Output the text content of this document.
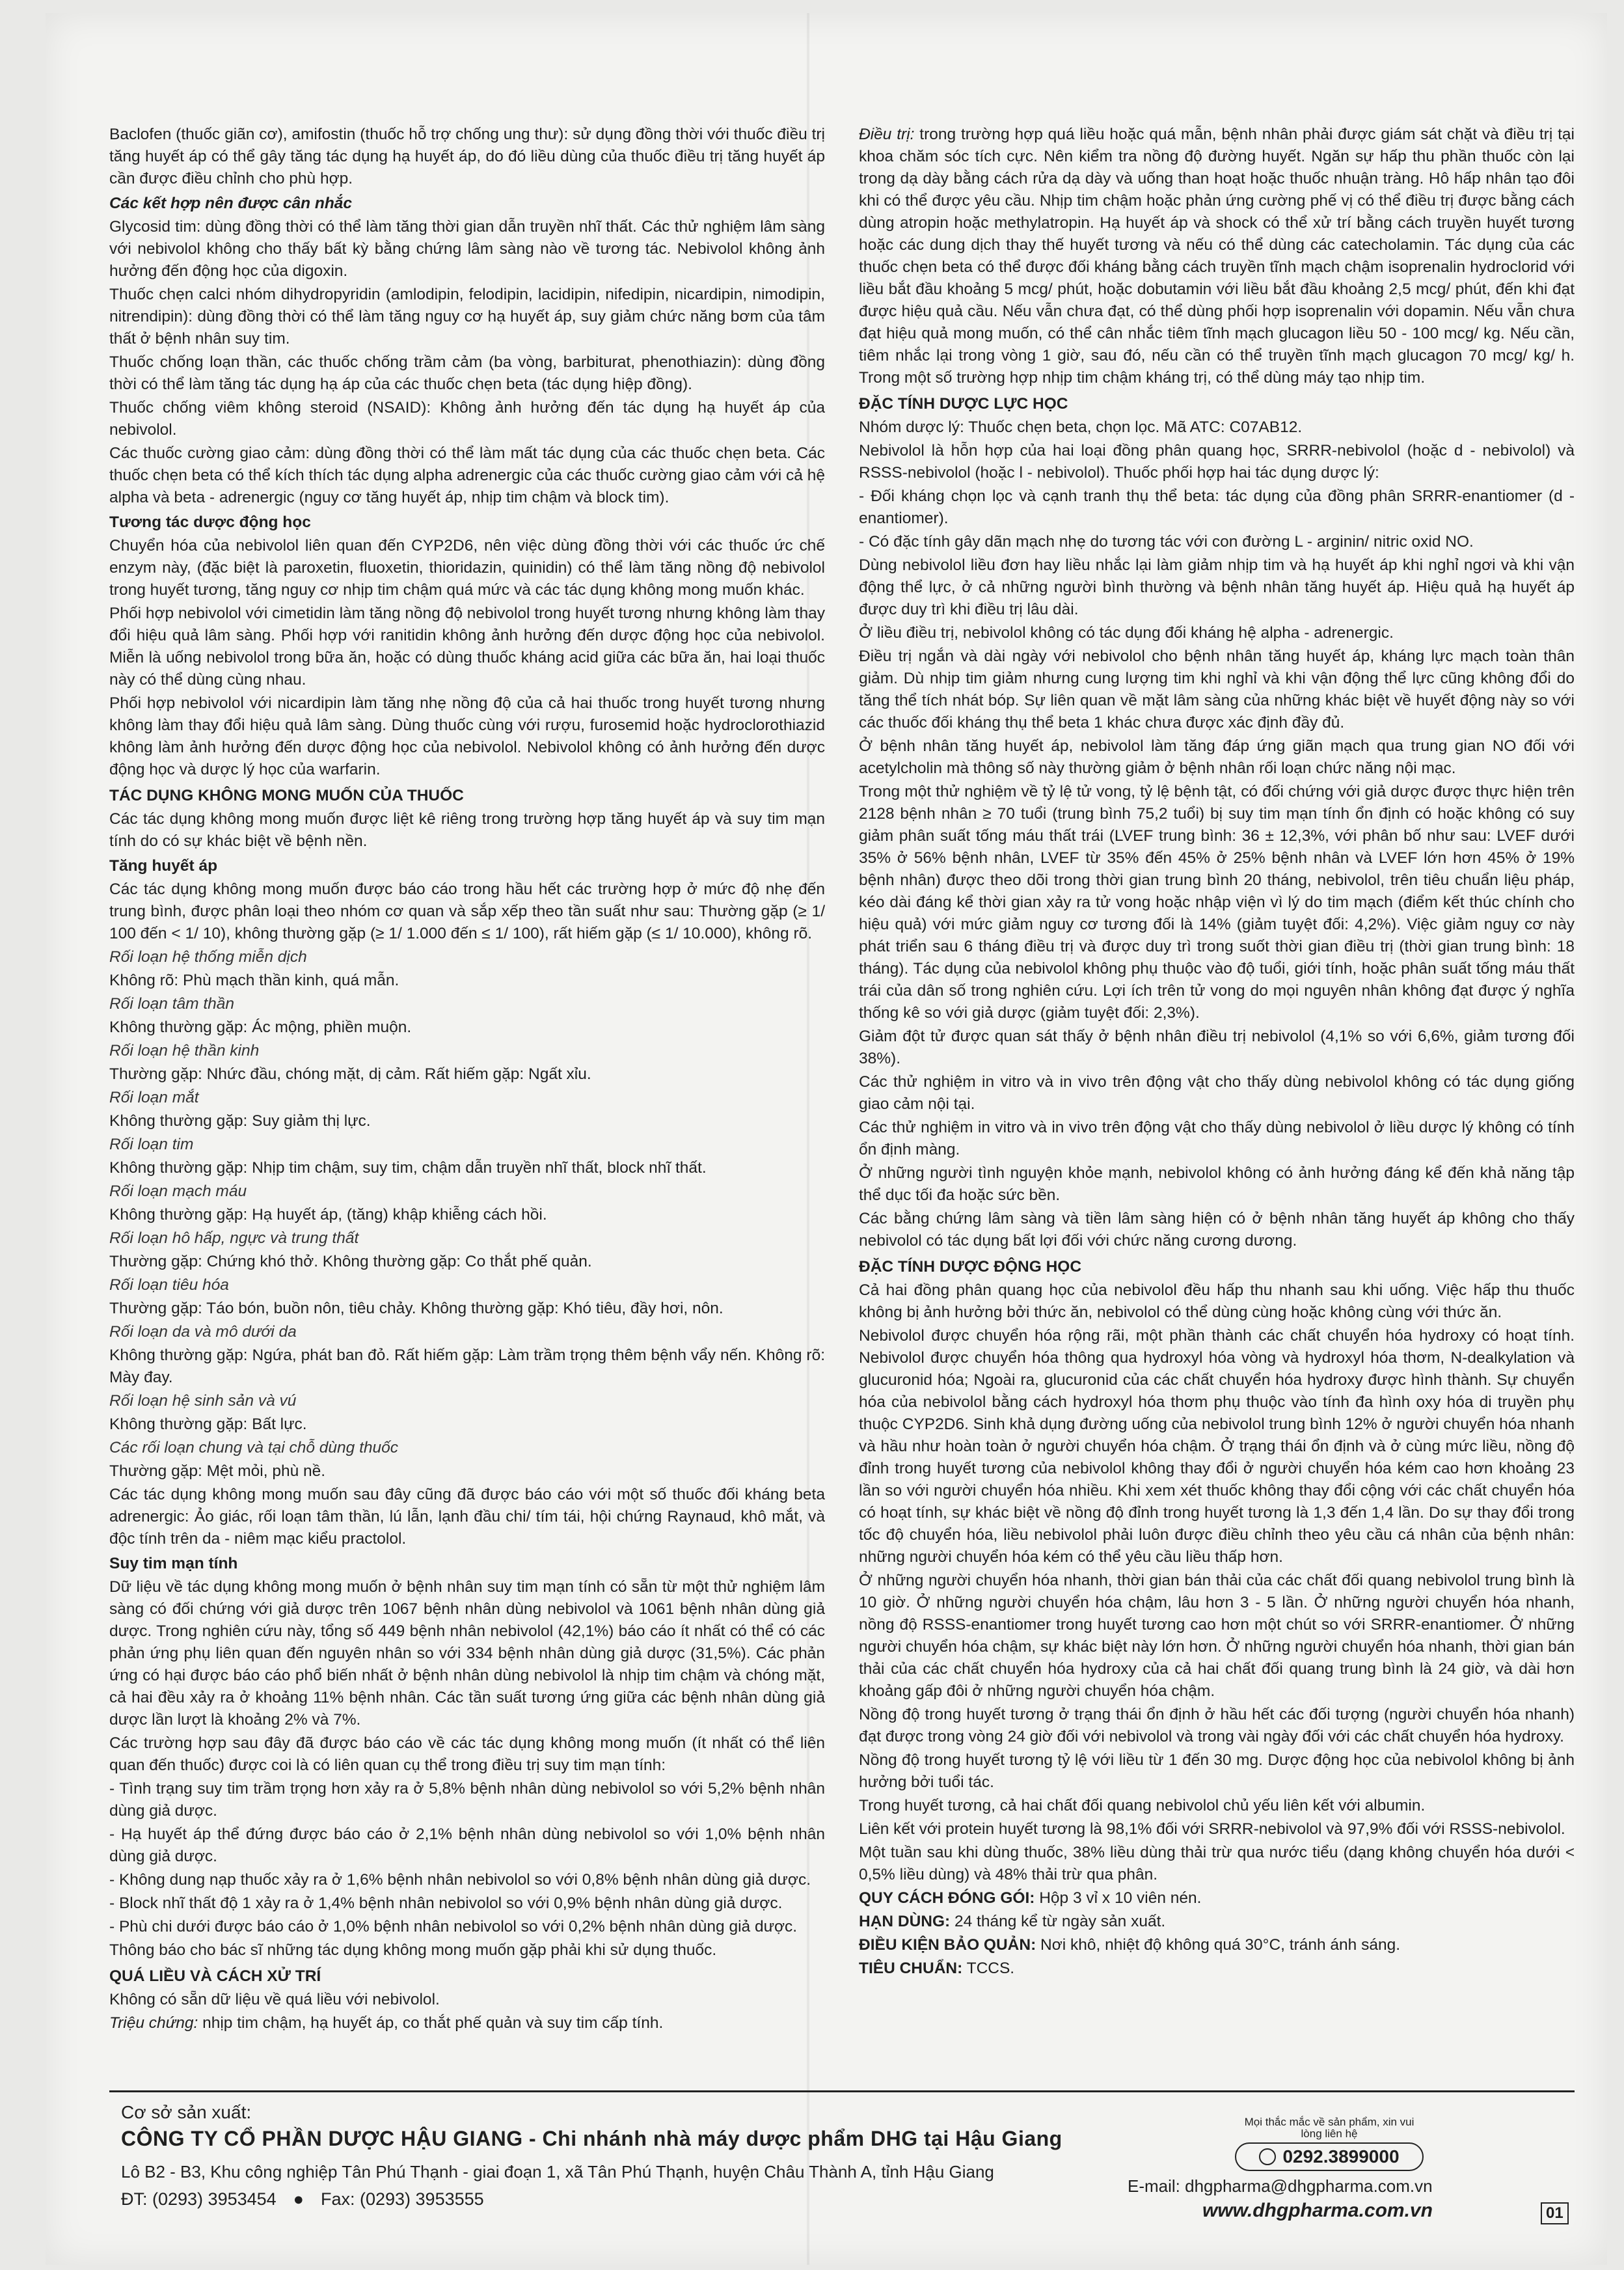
Baclofen (thuốc giãn cơ), amifostin (thuốc hỗ trợ chống ung thư): sử dụng đồng thời với thuốc điều trị tăng huyết áp có thể gây tăng tác dụng hạ huyết áp, do đó liều dùng của thuốc điều trị tăng huyết áp cần được điều chỉnh cho phù hợp.

Các kết hợp nên được cân nhắc

Glycosid tim: dùng đồng thời có thể làm tăng thời gian dẫn truyền nhĩ thất. Các thử nghiệm lâm sàng với nebivolol không cho thấy bất kỳ bằng chứng lâm sàng nào về tương tác. Nebivolol không ảnh hưởng đến động học của digoxin.

Thuốc chẹn calci nhóm dihydropyridin (amlodipin, felodipin, lacidipin, nifedipin, nicardipin, nimodipin, nitrendipin): dùng đồng thời có thể làm tăng nguy cơ hạ huyết áp, suy giảm chức năng bơm của tâm thất ở bệnh nhân suy tim.

Thuốc chống loạn thần, các thuốc chống trầm cảm (ba vòng, barbiturat, phenothiazin): dùng đồng thời có thể làm tăng tác dụng hạ áp của các thuốc chẹn beta (tác dụng hiệp đồng).

Thuốc chống viêm không steroid (NSAID): Không ảnh hưởng đến tác dụng hạ huyết áp của nebivolol.

Các thuốc cường giao cảm: dùng đồng thời có thể làm mất tác dụng của các thuốc chẹn beta. Các thuốc chẹn beta có thể kích thích tác dụng alpha adrenergic của các thuốc cường giao cảm với cả hệ alpha và beta - adrenergic (nguy cơ tăng huyết áp, nhịp tim chậm và block tim).

Tương tác dược động học

Chuyển hóa của nebivolol liên quan đến CYP2D6, nên việc dùng đồng thời với các thuốc ức chế enzym này, (đặc biệt là paroxetin, fluoxetin, thioridazin, quinidin) có thể làm tăng nồng độ nebivolol trong huyết tương, tăng nguy cơ nhịp tim chậm quá mức và các tác dụng không mong muốn khác.

Phối hợp nebivolol với cimetidin làm tăng nồng độ nebivolol trong huyết tương nhưng không làm thay đổi hiệu quả lâm sàng. Phối hợp với ranitidin không ảnh hưởng đến dược động học của nebivolol. Miễn là uống nebivolol trong bữa ăn, hoặc có dùng thuốc kháng acid giữa các bữa ăn, hai loại thuốc này có thể dùng cùng nhau.

Phối hợp nebivolol với nicardipin làm tăng nhẹ nồng độ của cả hai thuốc trong huyết tương nhưng không làm thay đổi hiệu quả lâm sàng. Dùng thuốc cùng với rượu, furosemid hoặc hydroclorothiazid không làm ảnh hưởng đến dược động học của nebivolol. Nebivolol không có ảnh hưởng đến dược động học và dược lý học của warfarin.

TÁC DỤNG KHÔNG MONG MUỐN CỦA THUỐC

Các tác dụng không mong muốn được liệt kê riêng trong trường hợp tăng huyết áp và suy tim mạn tính do có sự khác biệt về bệnh nền.

Tăng huyết áp

Các tác dụng không mong muốn được báo cáo trong hầu hết các trường hợp ở mức độ nhẹ đến trung bình, được phân loại theo nhóm cơ quan và sắp xếp theo tần suất như sau: Thường gặp (≥ 1/ 100 đến < 1/ 10), không thường gặp (≥ 1/ 1.000 đến ≤ 1/ 100), rất hiếm gặp (≤ 1/ 10.000), không rõ.

Rối loạn hệ thống miễn dịch

Không rõ: Phù mạch thần kinh, quá mẫn.

Rối loạn tâm thần

Không thường gặp: Ác mộng, phiền muộn.

Rối loạn hệ thần kinh

Thường gặp: Nhức đầu, chóng mặt, dị cảm. Rất hiếm gặp: Ngất xỉu.

Rối loạn mắt

Không thường gặp: Suy giảm thị lực.

Rối loạn tim

Không thường gặp: Nhịp tim chậm, suy tim, chậm dẫn truyền nhĩ thất, block nhĩ thất.

Rối loạn mạch máu

Không thường gặp: Hạ huyết áp, (tăng) khập khiễng cách hồi.

Rối loạn hô hấp, ngực và trung thất

Thường gặp: Chứng khó thở. Không thường gặp: Co thắt phế quản.

Rối loạn tiêu hóa

Thường gặp: Táo bón, buồn nôn, tiêu chảy. Không thường gặp: Khó tiêu, đầy hơi, nôn.

Rối loạn da và mô dưới da

Không thường gặp: Ngứa, phát ban đỏ. Rất hiếm gặp: Làm trầm trọng thêm bệnh vẩy nến. Không rõ: Mày đay.

Rối loạn hệ sinh sản và vú

Không thường gặp: Bất lực.

Các rối loạn chung và tại chỗ dùng thuốc

Thường gặp: Mệt mỏi, phù nề.

Các tác dụng không mong muốn sau đây cũng đã được báo cáo với một số thuốc đối kháng beta adrenergic: Ảo giác, rối loạn tâm thần, lú lẫn, lạnh đầu chi/ tím tái, hội chứng Raynaud, khô mắt, và độc tính trên da - niêm mạc kiểu practolol.

Suy tim mạn tính

Dữ liệu về tác dụng không mong muốn ở bệnh nhân suy tim mạn tính có sẵn từ một thử nghiệm lâm sàng có đối chứng với giả dược trên 1067 bệnh nhân dùng nebivolol và 1061 bệnh nhân dùng giả dược. Trong nghiên cứu này, tổng số 449 bệnh nhân nebivolol (42,1%) báo cáo ít nhất có thể có các phản ứng phụ liên quan đến nguyên nhân so với 334 bệnh nhân dùng giả dược (31,5%). Các phản ứng có hại được báo cáo phổ biến nhất ở bệnh nhân dùng nebivolol là nhịp tim chậm và chóng mặt, cả hai đều xảy ra ở khoảng 11% bệnh nhân. Các tần suất tương ứng giữa các bệnh nhân dùng giả dược lần lượt là khoảng 2% và 7%.

Các trường hợp sau đây đã được báo cáo về các tác dụng không mong muốn (ít nhất có thể liên quan đến thuốc) được coi là có liên quan cụ thể trong điều trị suy tim mạn tính:

- Tình trạng suy tim trầm trọng hơn xảy ra ở 5,8% bệnh nhân dùng nebivolol so với 5,2% bệnh nhân dùng giả dược.

- Hạ huyết áp thể đứng được báo cáo ở 2,1% bệnh nhân dùng nebivolol so với 1,0% bệnh nhân dùng giả dược.

- Không dung nạp thuốc xảy ra ở 1,6% bệnh nhân nebivolol so với 0,8% bệnh nhân dùng giả dược.

- Block nhĩ thất độ 1 xảy ra ở 1,4% bệnh nhân nebivolol so với 0,9% bệnh nhân dùng giả dược.

- Phù chi dưới được báo cáo ở 1,0% bệnh nhân nebivolol so với 0,2% bệnh nhân dùng giả dược.

Thông báo cho bác sĩ những tác dụng không mong muốn gặp phải khi sử dụng thuốc.

QUÁ LIỀU VÀ CÁCH XỬ TRÍ

Không có sẵn dữ liệu về quá liều với nebivolol.

Triệu chứng: nhịp tim chậm, hạ huyết áp, co thắt phế quản và suy tim cấp tính.

Điều trị: trong trường hợp quá liều hoặc quá mẫn, bệnh nhân phải được giám sát chặt và điều trị tại khoa chăm sóc tích cực. Nên kiểm tra nồng độ đường huyết. Ngăn sự hấp thu phần thuốc còn lại trong dạ dày bằng cách rửa dạ dày và uống than hoạt hoặc thuốc nhuận tràng. Hô hấp nhân tạo đôi khi có thể được yêu cầu. Nhịp tim chậm hoặc phản ứng cường phế vị có thể điều trị được bằng cách dùng atropin hoặc methylatropin. Hạ huyết áp và shock có thể xử trí bằng cách truyền huyết tương hoặc các dung dịch thay thế huyết tương và nếu có thể dùng các catecholamin. Tác dụng của các thuốc chẹn beta có thể được đối kháng bằng cách truyền tĩnh mạch chậm isoprenalin hydroclorid với liều bắt đầu khoảng 5 mcg/ phút, hoặc dobutamin với liều bắt đầu khoảng 2,5 mcg/ phút, đến khi đạt được hiệu quả cầu. Nếu vẫn chưa đạt, có thể dùng phối hợp isoprenalin với dopamin. Nếu vẫn chưa đạt hiệu quả mong muốn, có thể cân nhắc tiêm tĩnh mạch glucagon liều 50 - 100 mcg/ kg. Nếu cần, tiêm nhắc lại trong vòng 1 giờ, sau đó, nếu cần có thể truyền tĩnh mạch glucagon 70 mcg/ kg/ h. Trong một số trường hợp nhịp tim chậm kháng trị, có thể dùng máy tạo nhịp tim.

ĐẶC TÍNH DƯỢC LỰC HỌC

Nhóm dược lý: Thuốc chẹn beta, chọn lọc. Mã ATC: C07AB12.

Nebivolol là hỗn hợp của hai loại đồng phân quang học, SRRR-nebivolol (hoặc d - nebivolol) và RSSS-nebivolol (hoặc l - nebivolol). Thuốc phối hợp hai tác dụng dược lý:

- Đối kháng chọn lọc và cạnh tranh thụ thể beta: tác dụng của đồng phân SRRR-enantiomer (d - enantiomer).

- Có đặc tính gây dãn mạch nhẹ do tương tác với con đường L - arginin/ nitric oxid NO.

Dùng nebivolol liều đơn hay liều nhắc lại làm giảm nhịp tim và hạ huyết áp khi nghỉ ngơi và khi vận động thể lực, ở cả những người bình thường và bệnh nhân tăng huyết áp. Hiệu quả hạ huyết áp được duy trì khi điều trị lâu dài.

Ở liều điều trị, nebivolol không có tác dụng đối kháng hệ alpha - adrenergic.

Điều trị ngắn và dài ngày với nebivolol cho bệnh nhân tăng huyết áp, kháng lực mạch toàn thân giảm. Dù nhịp tim giảm nhưng cung lượng tim khi nghỉ và khi vận động thể lực cũng không đổi do tăng thể tích nhát bóp. Sự liên quan về mặt lâm sàng của những khác biệt về huyết động này so với các thuốc đối kháng thụ thể beta 1 khác chưa được xác định đầy đủ.

Ở bệnh nhân tăng huyết áp, nebivolol làm tăng đáp ứng giãn mạch qua trung gian NO đối với acetylcholin mà thông số này thường giảm ở bệnh nhân rối loạn chức năng nội mạc.

Trong một thử nghiệm về tỷ lệ tử vong, tỷ lệ bệnh tật, có đối chứng với giả dược được thực hiện trên 2128 bệnh nhân ≥ 70 tuổi (trung bình 75,2 tuổi) bị suy tim mạn tính ổn định có hoặc không có suy giảm phân suất tống máu thất trái (LVEF trung bình: 36 ± 12,3%, với phân bố như sau: LVEF dưới 35% ở 56% bệnh nhân, LVEF từ 35% đến 45% ở 25% bệnh nhân và LVEF lớn hơn 45% ở 19% bệnh nhân) được theo dõi trong thời gian trung bình 20 tháng, nebivolol, trên tiêu chuẩn liệu pháp, kéo dài đáng kể thời gian xảy ra tử vong hoặc nhập viện vì lý do tim mạch (điểm kết thúc chính cho hiệu quả) với mức giảm nguy cơ tương đối là 14% (giảm tuyệt đối: 4,2%). Việc giảm nguy cơ này phát triển sau 6 tháng điều trị và được duy trì trong suốt thời gian điều trị (thời gian trung bình: 18 tháng). Tác dụng của nebivolol không phụ thuộc vào độ tuổi, giới tính, hoặc phân suất tống máu thất trái của dân số trong nghiên cứu. Lợi ích trên tử vong do mọi nguyên nhân không đạt được ý nghĩa thống kê so với giả dược (giảm tuyệt đối: 2,3%).

Giảm đột tử được quan sát thấy ở bệnh nhân điều trị nebivolol (4,1% so với 6,6%, giảm tương đối 38%).

Các thử nghiệm in vitro và in vivo trên động vật cho thấy dùng nebivolol không có tác dụng giống giao cảm nội tại.

Các thử nghiệm in vitro và in vivo trên động vật cho thấy dùng nebivolol ở liều dược lý không có tính ổn định màng.

Ở những người tình nguyện khỏe mạnh, nebivolol không có ảnh hưởng đáng kể đến khả năng tập thể dục tối đa hoặc sức bền.

Các bằng chứng lâm sàng và tiền lâm sàng hiện có ở bệnh nhân tăng huyết áp không cho thấy nebivolol có tác dụng bất lợi đối với chức năng cương dương.

ĐẶC TÍNH DƯỢC ĐỘNG HỌC

Cả hai đồng phân quang học của nebivolol đều hấp thu nhanh sau khi uống. Việc hấp thu thuốc không bị ảnh hưởng bởi thức ăn, nebivolol có thể dùng cùng hoặc không cùng với thức ăn.

Nebivolol được chuyển hóa rộng rãi, một phần thành các chất chuyển hóa hydroxy có hoạt tính. Nebivolol được chuyển hóa thông qua hydroxyl hóa vòng và hydroxyl hóa thơm, N-dealkylation và glucuronid hóa; Ngoài ra, glucuronid của các chất chuyển hóa hydroxy được hình thành. Sự chuyển hóa của nebivolol bằng cách hydroxyl hóa thơm phụ thuộc vào tính đa hình oxy hóa di truyền phụ thuộc CYP2D6. Sinh khả dụng đường uống của nebivolol trung bình 12% ở người chuyển hóa nhanh và hầu như hoàn toàn ở người chuyển hóa chậm. Ở trạng thái ổn định và ở cùng mức liều, nồng độ đỉnh trong huyết tương của nebivolol không thay đổi ở người chuyển hóa kém cao hơn khoảng 23 lần so với người chuyển hóa nhiều. Khi xem xét thuốc không thay đổi cộng với các chất chuyển hóa có hoạt tính, sự khác biệt về nồng độ đỉnh trong huyết tương là 1,3 đến 1,4 lần. Do sự thay đổi trong tốc độ chuyển hóa, liều nebivolol phải luôn được điều chỉnh theo yêu cầu cá nhân của bệnh nhân: những người chuyển hóa kém có thể yêu cầu liều thấp hơn.

Ở những người chuyển hóa nhanh, thời gian bán thải của các chất đối quang nebivolol trung bình là 10 giờ. Ở những người chuyển hóa chậm, lâu hơn 3 - 5 lần. Ở những người chuyển hóa nhanh, nồng độ RSSS-enantiomer trong huyết tương cao hơn một chút so với SRRR-enantiomer. Ở những người chuyển hóa chậm, sự khác biệt này lớn hơn. Ở những người chuyển hóa nhanh, thời gian bán thải của các chất chuyển hóa hydroxy của cả hai chất đối quang trung bình là 24 giờ, và dài hơn khoảng gấp đôi ở những người chuyển hóa chậm.

Nồng độ trong huyết tương ở trạng thái ổn định ở hầu hết các đối tượng (người chuyển hóa nhanh) đạt được trong vòng 24 giờ đối với nebivolol và trong vài ngày đối với các chất chuyển hóa hydroxy.

Nồng độ trong huyết tương tỷ lệ với liều từ 1 đến 30 mg. Dược động học của nebivolol không bị ảnh hưởng bởi tuổi tác.

Trong huyết tương, cả hai chất đối quang nebivolol chủ yếu liên kết với albumin.

Liên kết với protein huyết tương là 98,1% đối với SRRR-nebivolol và 97,9% đối với RSSS-nebivolol.

Một tuần sau khi dùng thuốc, 38% liều dùng thải trừ qua nước tiểu (dạng không chuyển hóa dưới < 0,5% liều dùng) và 48% thải trừ qua phân.

QUY CÁCH ĐÓNG GÓI: Hộp 3 vỉ x 10 viên nén.

HẠN DÙNG: 24 tháng kể từ ngày sản xuất.

ĐIỀU KIỆN BẢO QUẢN: Nơi khô, nhiệt độ không quá 30°C, tránh ánh sáng.

TIÊU CHUẨN: TCCS.

Cơ sở sản xuất:
CÔNG TY CỔ PHẦN DƯỢC HẬU GIANG - Chi nhánh nhà máy dược phẩm DHG tại Hậu Giang
Lô B2 - B3, Khu công nghiệp Tân Phú Thạnh - giai đoạn 1, xã Tân Phú Thạnh, huyện Châu Thành A, tỉnh Hậu Giang
ĐT: (0293) 3953454 ● Fax: (0293) 3953555
Mọi thắc mắc về sản phẩm, xin vui lòng liên hệ
0292.3899000
E-mail: dhgpharma@dhgpharma.com.vn
www.dhgpharma.com.vn	01
